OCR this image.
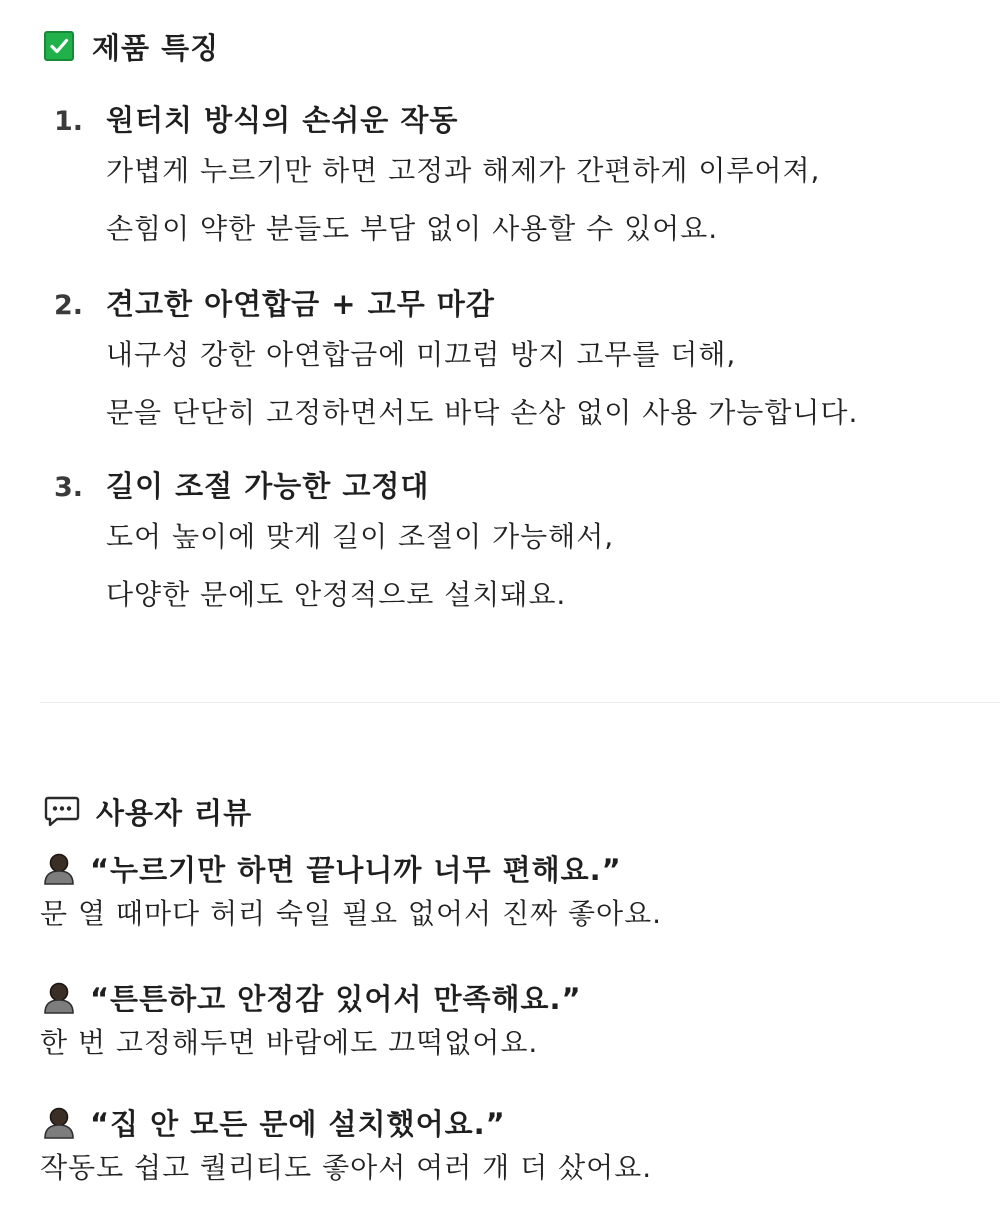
제품 특징
1. 원터치 방식의 손쉬운 작동
가볍게 누르기만 하면 고정과 해제가 간편하게 이루어져,
손힘이 약한 분들도 부담 없이 사용할 수 있어요.
2. 견고한 아연합금 + 고무 마감
내구성 강한 아연합금에 미끄럼 방지 고무를 더해,
문을 단단히 고정하면서도 바닥 손상 없이 사용 가능합니다.
3. 길이 조절 가능한 고정대
도어 높이에 맞게 길이 조절이 가능해서,
다양한 문에도 안정적으로 설치돼요.
사용자 리뷰
“누르기만 하면 끝나니까 너무 편해요.”
문 열 때마다 허리 숙일 필요 없어서 진짜 좋아요.
“튼튼하고 안정감 있어서 만족해요.”
한 번 고정해두면 바람에도 끄떡없어요.
“집 안 모든 문에 설치했어요.”
작동도 쉽고 퀄리티도 좋아서 여러 개 더 샀어요.
